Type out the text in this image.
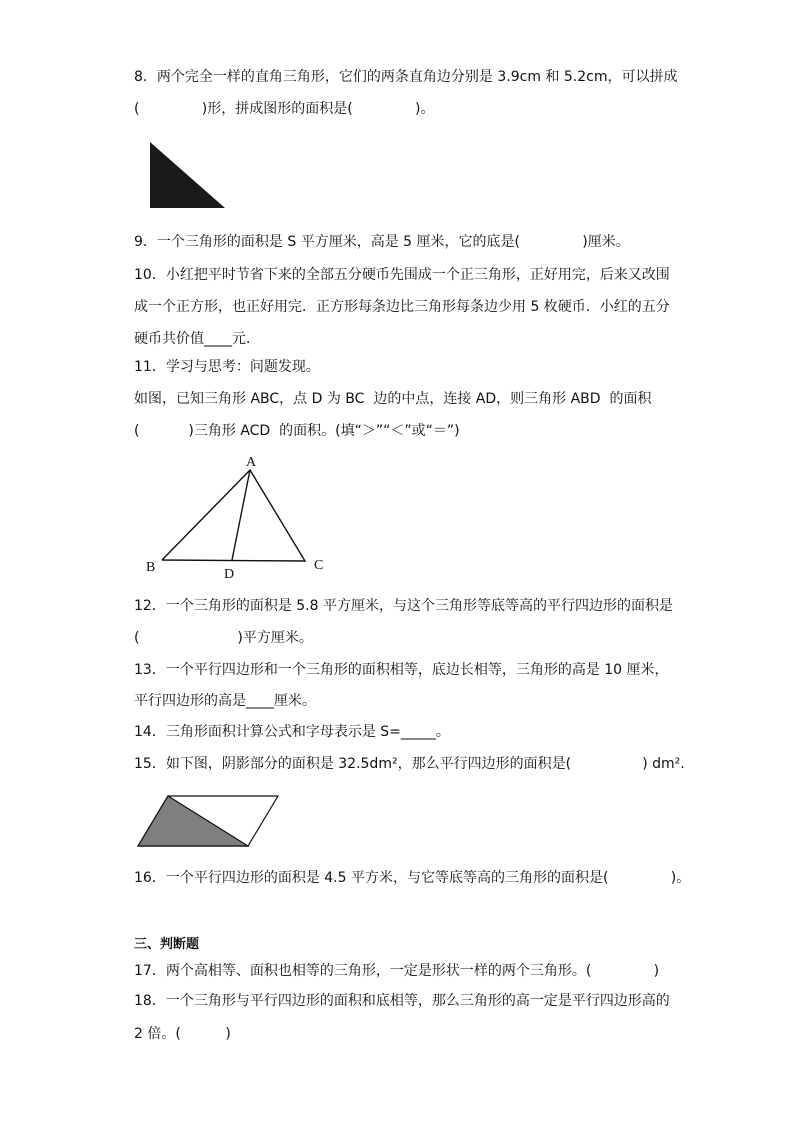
8．两个完全一样的直角三角形，它们的两条直角边分别是 3.9cm 和 5.2cm，可以拼成
(              )形，拼成图形的面积是(              )。
9．一个三角形的面积是 S 平方厘米，高是 5 厘米，它的底是(              )厘米。
10．小红把平时节省下来的全部五分硬币先围成一个正三角形，正好用完，后来又改围
成一个正方形，也正好用完．正方形每条边比三角形每条边少用 5 枚硬币．小红的五分
硬币共价值____元．
11．学习与思考：问题发现。
如图，已知三角形 ABC，点 D 为 BC  边的中点，连接 AD，则三角形 ABD  的面积
(           )三角形 ACD  的面积。(填“＞”“＜”或“＝”)
A
B	D
C
12．一个三角形的面积是 5.8 平方厘米，与这个三角形等底等高的平行四边形的面积是
(                      )平方厘米。
13．一个平行四边形和一个三角形的面积相等，底边长相等，三角形的高是 10 厘米，
平行四边形的高是____厘米。
14．三角形面积计算公式和字母表示是 S=_____。
15．如下图，阴影部分的面积是 32.5dm²，那么平行四边形的面积是(                ) dm².
16．一个平行四边形的面积是 4.5 平方米，与它等底等高的三角形的面积是(              )。
三、判断题
17．两个高相等、面积也相等的三角形，一定是形状一样的两个三角形。(              )
18．一个三角形与平行四边形的面积和底相等，那么三角形的高一定是平行四边形高的
2 倍。(          )
